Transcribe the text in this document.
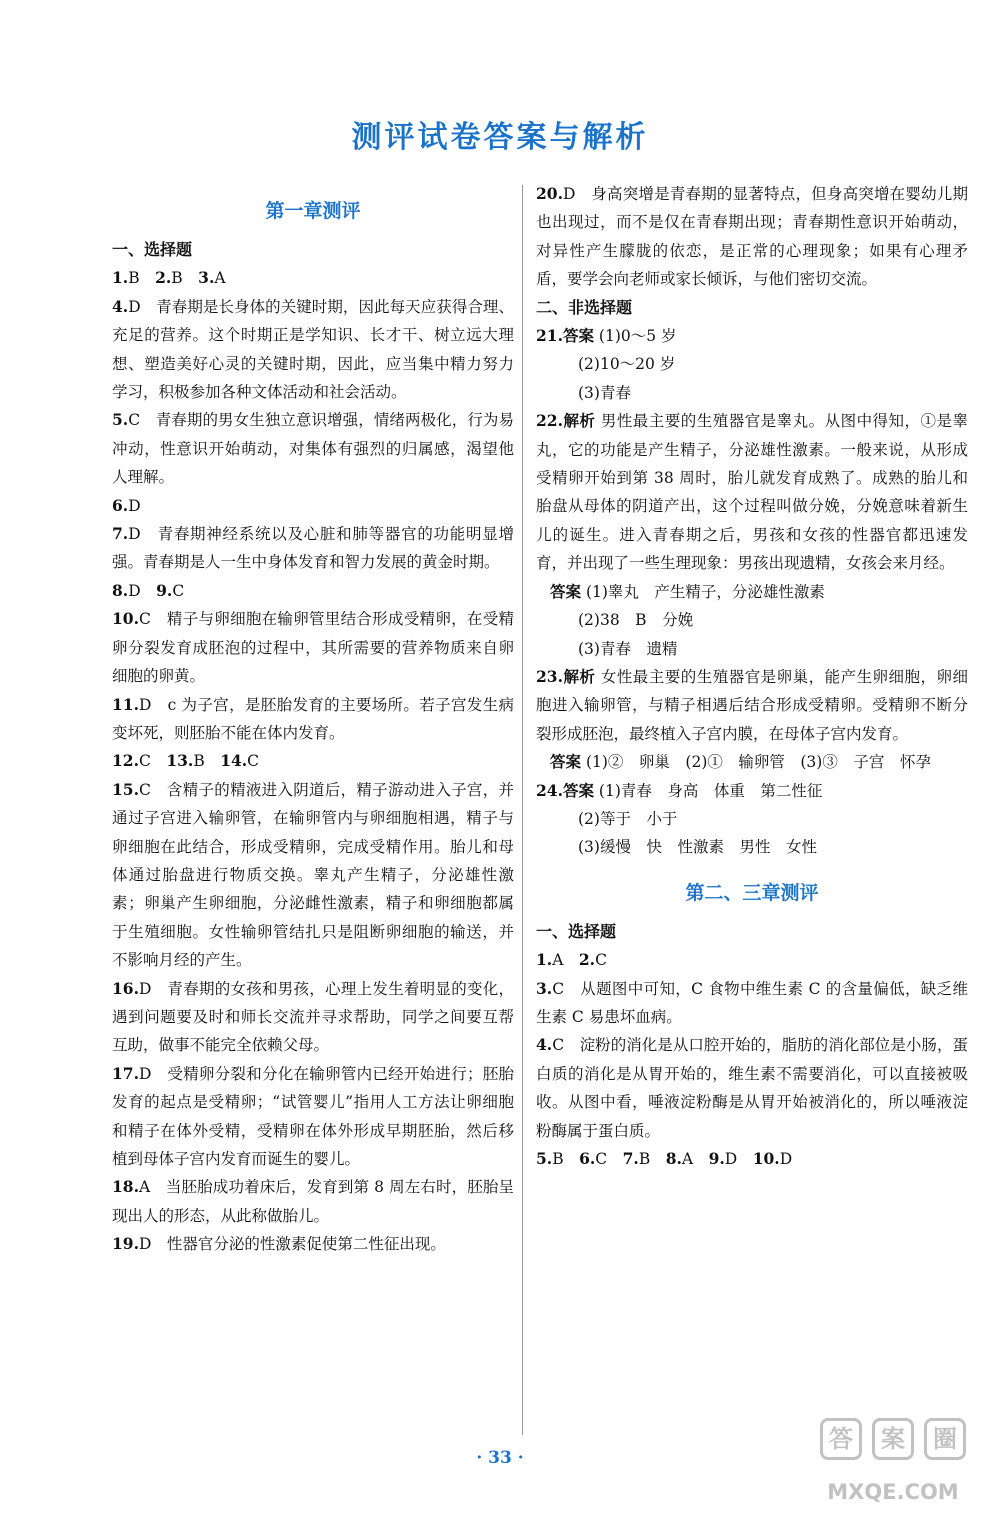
测评试卷答案与解析
第一章测评
一、选择题

1.B  2.B  3.A

4.D　青春期是长身体的关键时期，因此每天应获得合理、充足的营养。这个时期正是学知识、长才干、树立远大理想、塑造美好心灵的关键时期，因此，应当集中精力努力学习，积极参加各种文体活动和社会活动。

5.C　青春期的男女生独立意识增强，情绪两极化，行为易冲动，性意识开始萌动，对集体有强烈的归属感，渴望他人理解。

6.D

7.D　青春期神经系统以及心脏和肺等器官的功能明显增强。青春期是人一生中身体发育和智力发展的黄金时期。

8.D  9.C

10.C　精子与卵细胞在输卵管里结合形成受精卵，在受精卵分裂发育成胚泡的过程中，其所需要的营养物质来自卵细胞的卵黄。

11.D　c 为子宫，是胚胎发育的主要场所。若子宫发生病变坏死，则胚胎不能在体内发育。

12.C  13.B  14.C

15.C　含精子的精液进入阴道后，精子游动进入子宫，并通过子宫进入输卵管，在输卵管内与卵细胞相遇，精子与卵细胞在此结合，形成受精卵，完成受精作用。胎儿和母体通过胎盘进行物质交换。睾丸产生精子，分泌雄性激素；卵巢产生卵细胞，分泌雌性激素，精子和卵细胞都属于生殖细胞。女性输卵管结扎只是阻断卵细胞的输送，并不影响月经的产生。

16.D　青春期的女孩和男孩，心理上发生着明显的变化，遇到问题要及时和师长交流并寻求帮助，同学之间要互帮互助，做事不能完全依赖父母。

17.D　受精卵分裂和分化在输卵管内已经开始进行；胚胎发育的起点是受精卵；“试管婴儿”指用人工方法让卵细胞和精子在体外受精，受精卵在体外形成早期胚胎，然后移植到母体子宫内发育而诞生的婴儿。

18.A　当胚胎成功着床后，发育到第 8 周左右时，胚胎呈现出人的形态，从此称做胎儿。

19.D　性器官分泌的性激素促使第二性征出现。

20.D　身高突增是青春期的显著特点，但身高突增在婴幼儿期也出现过，而不是仅在青春期出现；青春期性意识开始萌动，对异性产生朦胧的依恋，是正常的心理现象；如果有心理矛盾，要学会向老师或家长倾诉，与他们密切交流。

二、非选择题

21.答案 (1)0～5 岁

(2)10～20 岁

(3)青春

22.解析 男性最主要的生殖器官是睾丸。从图中得知，①是睾丸，它的功能是产生精子，分泌雄性激素。一般来说，从形成受精卵开始到第 38 周时，胎儿就发育成熟了。成熟的胎儿和胎盘从母体的阴道产出，这个过程叫做分娩，分娩意味着新生儿的诞生。进入青春期之后，男孩和女孩的性器官都迅速发育，并出现了一些生理现象：男孩出现遗精，女孩会来月经。

答案 (1)睾丸　产生精子，分泌雄性激素

(2)38　B　分娩

(3)青春　遗精

23.解析 女性最主要的生殖器官是卵巢，能产生卵细胞，卵细胞进入输卵管，与精子相遇后结合形成受精卵。受精卵不断分裂形成胚泡，最终植入子宫内膜，在母体子宫内发育。

答案 (1)②　卵巢　(2)①　输卵管　(3)③　子宫　怀孕

24.答案 (1)青春　身高　体重　第二性征

(2)等于　小于

(3)缓慢　快　性激素　男性　女性

第二、三章测评
一、选择题

1.A  2.C

3.C　从题图中可知，C 食物中维生素 C 的含量偏低，缺乏维生素 C 易患坏血病。

4.C　淀粉的消化是从口腔开始的，脂肪的消化部位是小肠，蛋白质的消化是从胃开始的，维生素不需要消化，可以直接被吸收。从图中看，唾液淀粉酶是从胃开始被消化的，所以唾液淀粉酶属于蛋白质。

5.B  6.C  7.B  8.A  9.D  10.D

· 33 ·
答	案	圈
MXQE.COM
